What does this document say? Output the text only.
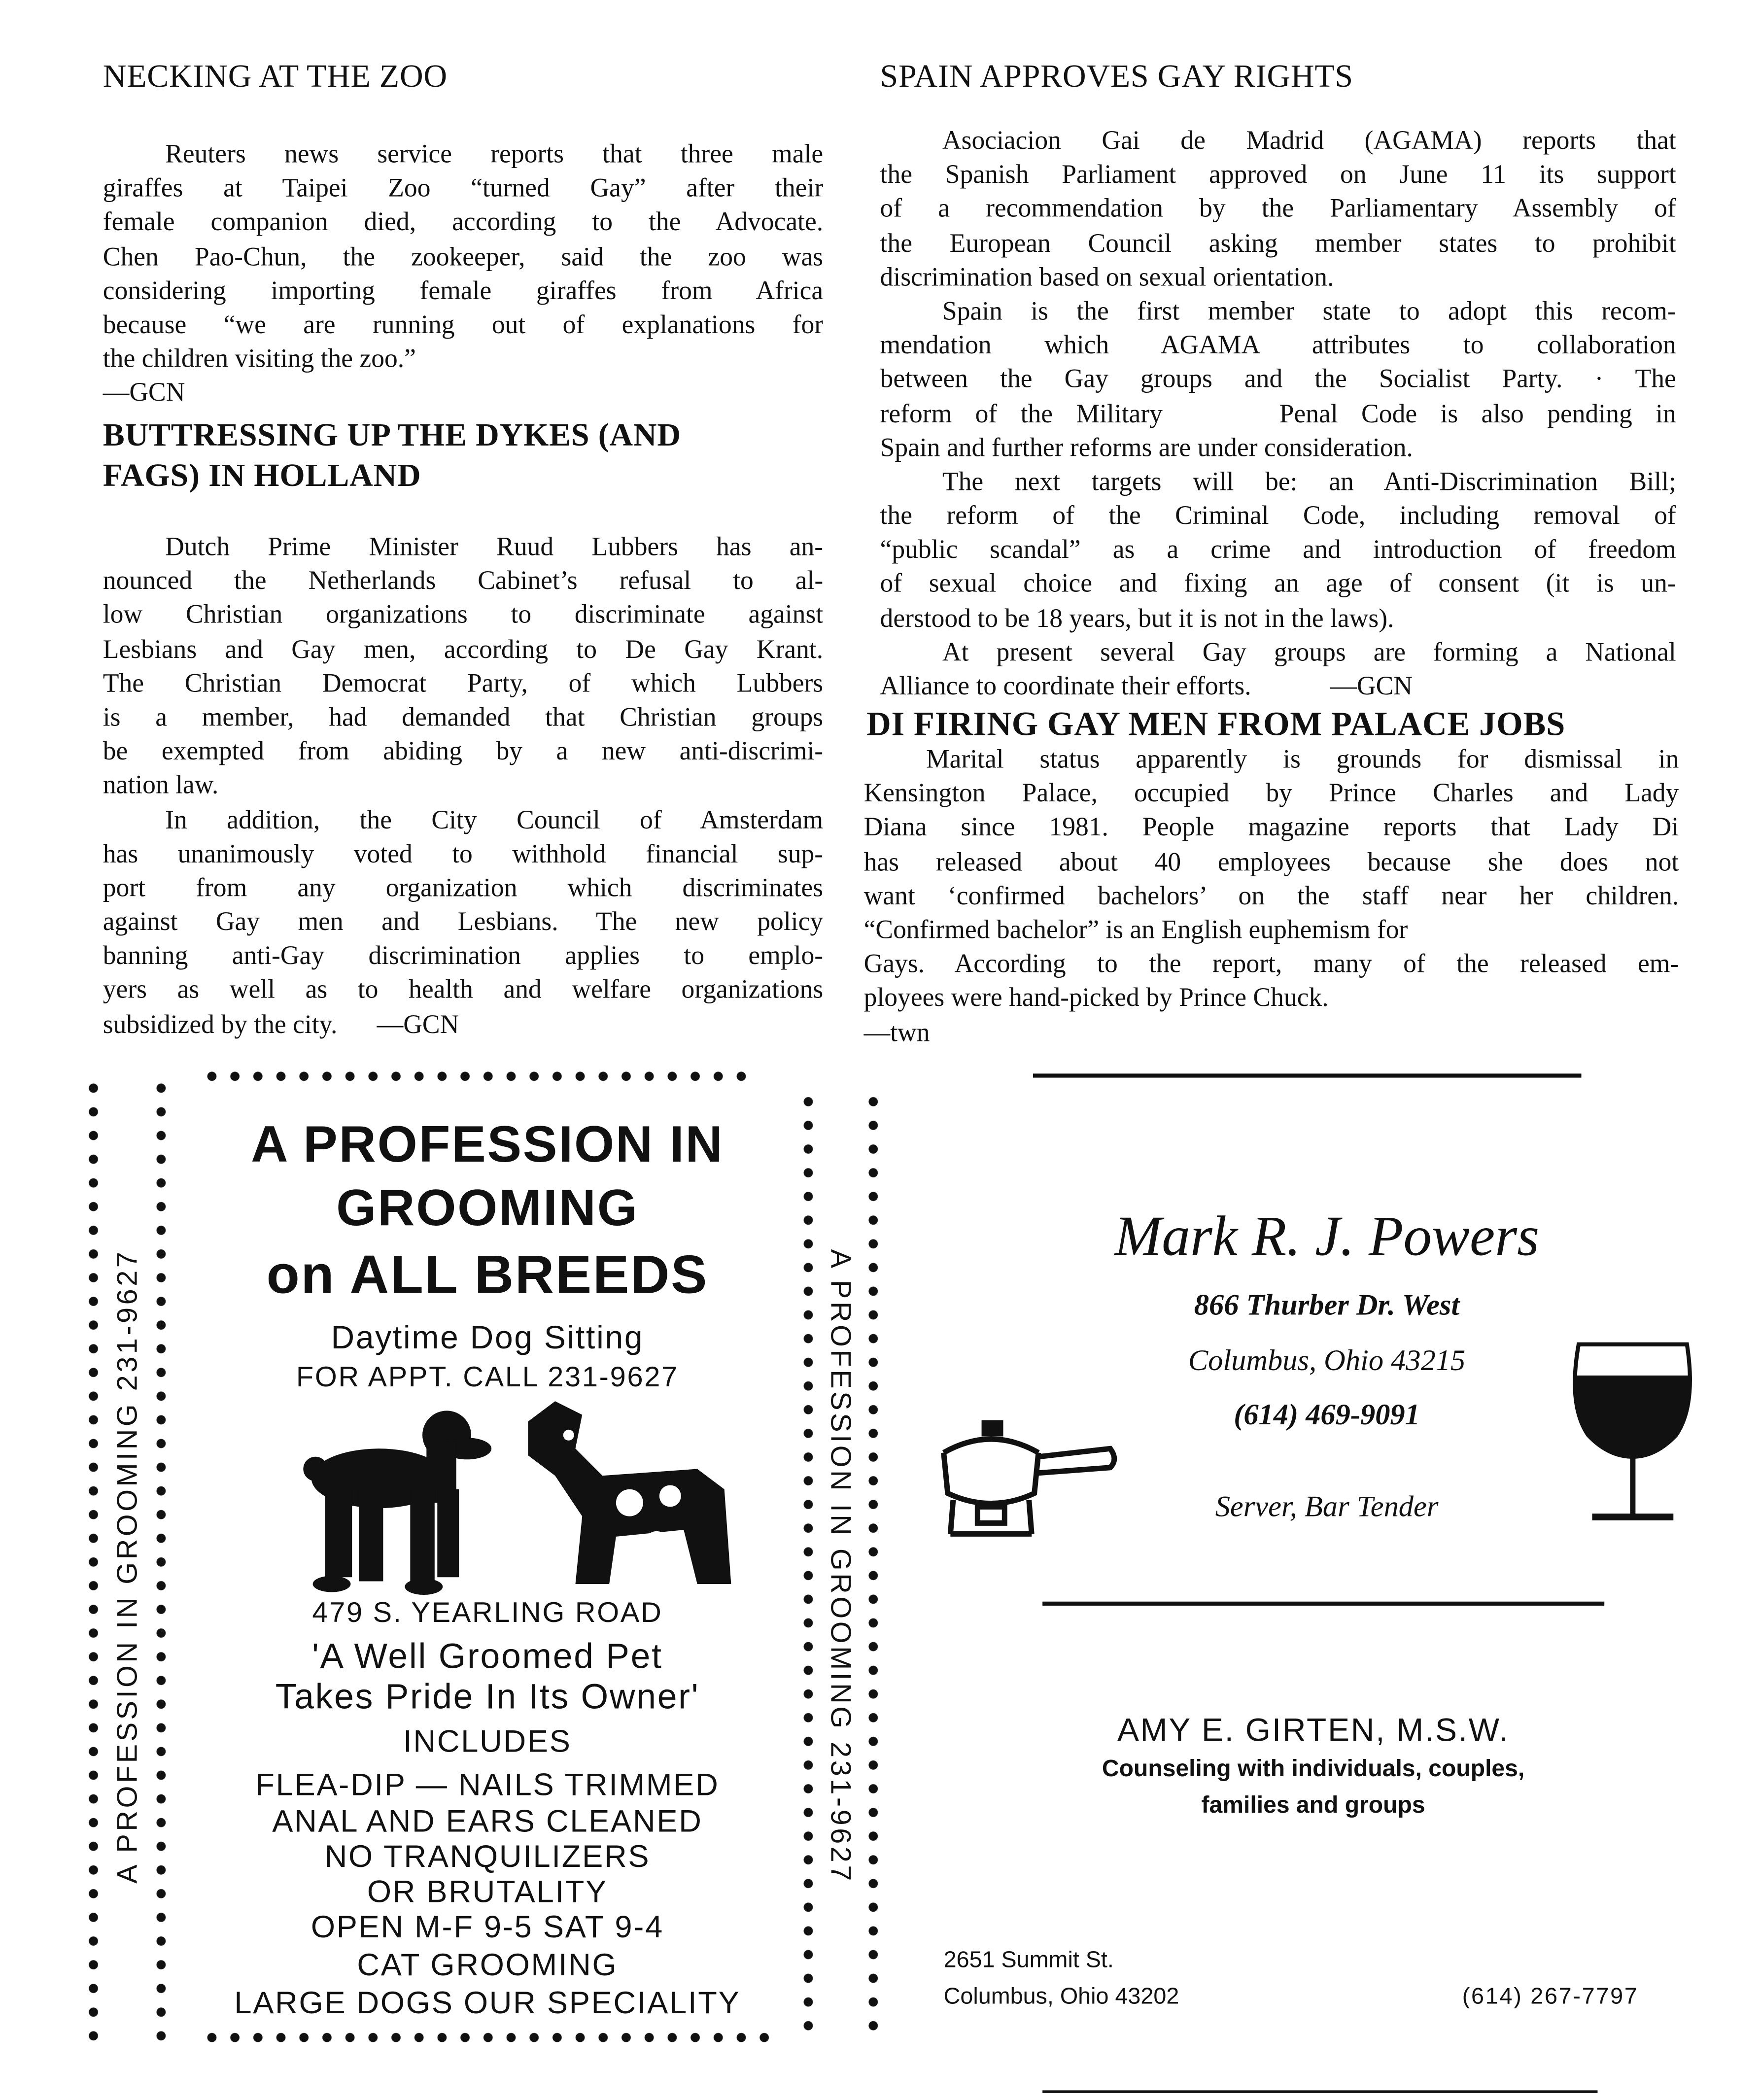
NECKING AT THE ZOO
Reuters news service reports that three male
giraffes at Taipei Zoo “turned Gay” after their
female companion died, according to the Advocate.
Chen Pao-Chun, the zookeeper, said the zoo was
considering importing female giraffes from Africa
because “we are running out of explanations for
the children visiting the zoo.”
—GCN
BUTTRESSING UP THE DYKES (AND
FAGS) IN HOLLAND
Dutch Prime Minister Ruud Lubbers has an-
nounced the Netherlands Cabinet’s refusal to al-
low Christian organizations to discriminate against
Lesbians and Gay men, according to De Gay Krant.
The Christian Democrat Party, of which Lubbers
is a member, had demanded that Christian groups
be exempted from abiding by a new anti-discrimi-
nation law.
In addition, the City Council of Amsterdam
has unanimously voted to withhold financial sup-
port from any organization which discriminates
against Gay men and Lesbians. The new policy
banning anti-Gay discrimination applies to emplo-
yers as well as to health and welfare organizations
subsidized by the city.      —GCN
SPAIN APPROVES GAY RIGHTS
Asociacion Gai de Madrid (AGAMA) reports that
the Spanish Parliament approved on June 11 its support
of a recommendation by the Parliamentary Assembly of
the European Council asking member states to prohibit
discrimination based on sexual orientation.
Spain is the first member state to adopt this recom-
mendation which AGAMA attributes to collaboration
between the Gay groups and the Socialist Party. · The
reform of the Military     Penal Code is also pending in
Spain and further reforms are under consideration.
The next targets will be: an Anti-Discrimination Bill;
the reform of the Criminal Code, including removal of
“public scandal” as a crime and introduction of freedom
of sexual choice and fixing an age of consent (it is un-
derstood to be 18 years, but it is not in the laws).
At present several Gay groups are forming a National
Alliance to coordinate their efforts.            —GCN
DI FIRING GAY MEN FROM PALACE JOBS
Marital status apparently is grounds for dismissal in
Kensington Palace, occupied by Prince Charles and Lady
Diana since 1981. People magazine reports that Lady Di
has released about 40 employees because she does not
want ‘confirmed bachelors’ on the staff near her children.
“Confirmed bachelor” is an English euphemism for
Gays. According to the report, many of the released em-
ployees were hand-picked by Prince Chuck.
—twn
A PROFESSION IN GROOMING 231-9627	A PROFESSION IN GROOMING 231-9627
A PROFESSION IN
GROOMING
on ALL BREEDS
Daytime Dog Sitting
FOR APPT. CALL 231-9627
479 S. YEARLING ROAD
'A Well Groomed Pet
Takes Pride In Its Owner'
INCLUDES
FLEA-DIP — NAILS TRIMMED
ANAL AND EARS CLEANED
NO TRANQUILIZERS
OR BRUTALITY
OPEN M-F 9-5 SAT 9-4
CAT GROOMING
LARGE DOGS OUR SPECIALITY
Mark R. J. Powers
866 Thurber Dr. West
Columbus, Ohio 43215
(614) 469-9091
Server, Bar Tender
AMY E. GIRTEN, M.S.W.
Counseling with individuals, couples,
families and groups
2651 Summit St.
Columbus, Ohio 43202	(614) 267-7797
